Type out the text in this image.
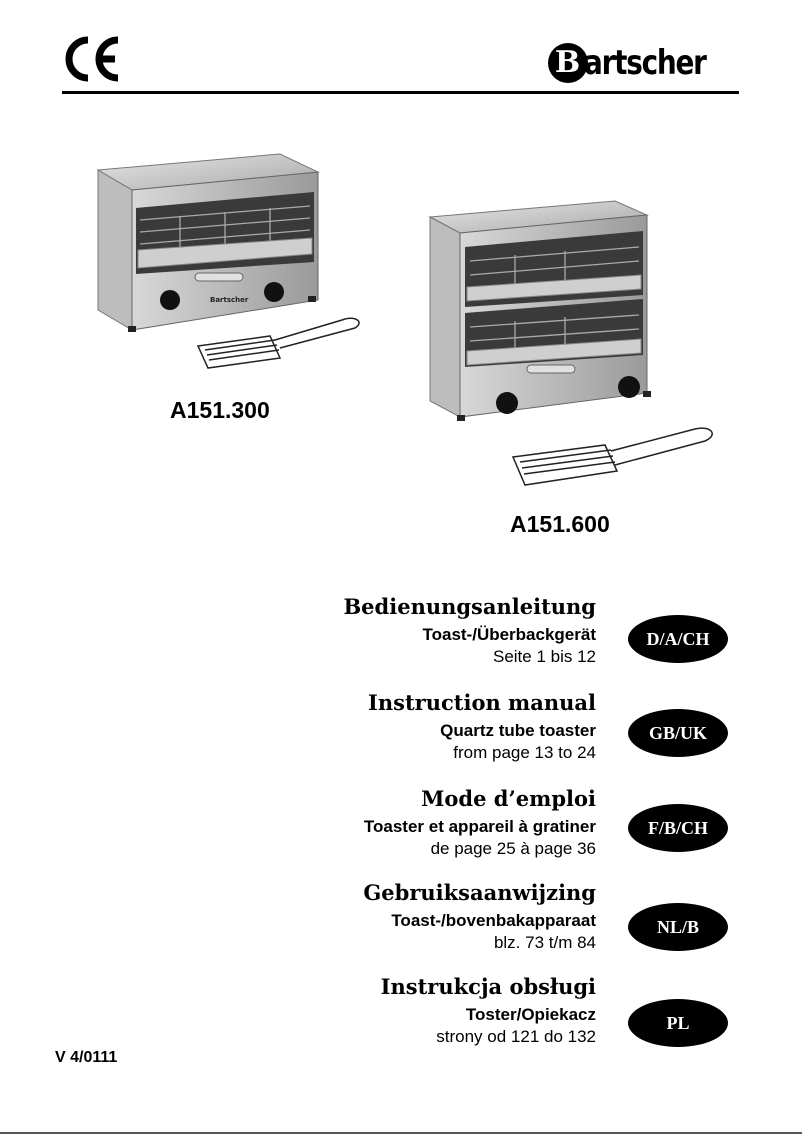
B artscher
Bartscher
A151.300
A151.600
Bedienungsanleitung
Toast-/Überbackgerät
Seite 1 bis 12
D/A/CH
Instruction manual
Quartz tube toaster
from page 13 to 24
GB/UK
Mode d’emploi
Toaster et appareil à gratiner
de page 25 à page 36
F/B/CH
Gebruiksaanwijzing
Toast-/bovenbakapparaat
blz. 73 t/m 84
NL/B
Instrukcja obsługi
Toster/Opiekacz
strony od 121 do 132
PL
V 4/0111
